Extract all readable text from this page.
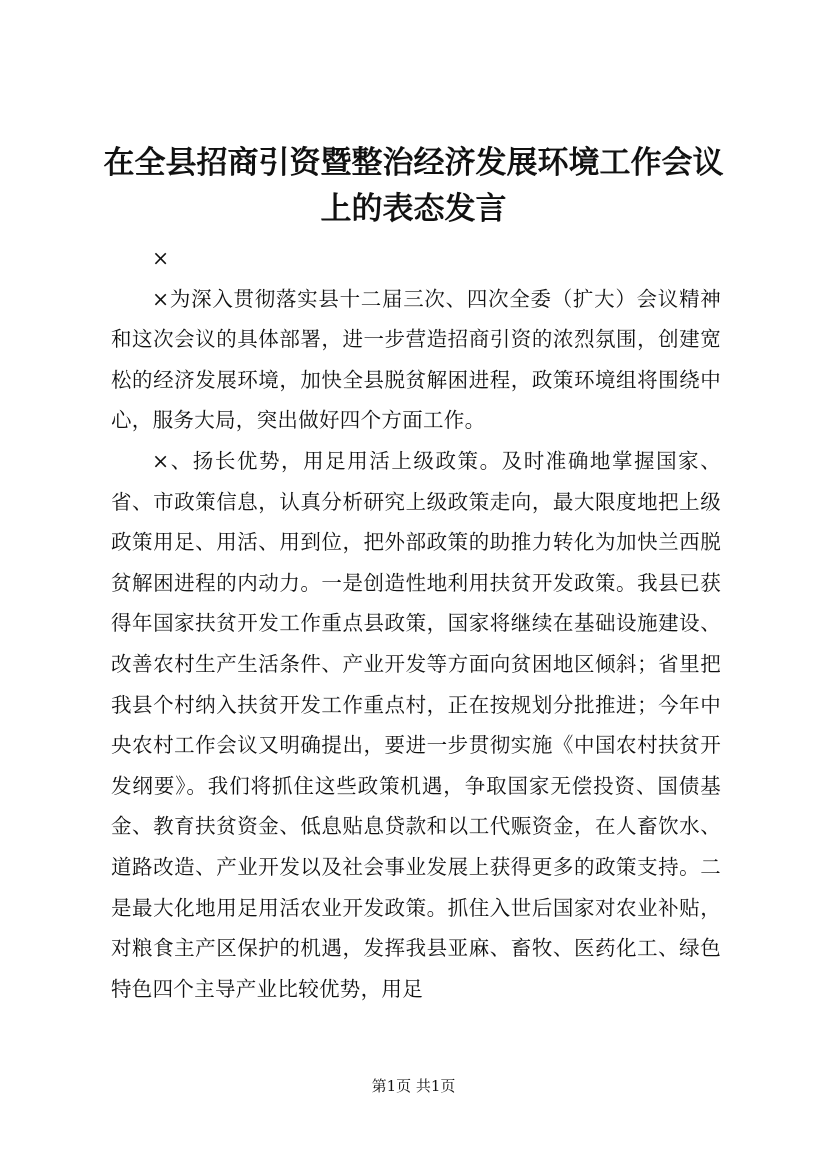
在全县招商引资暨整治经济发展环境工作会议
上的表态发言

×

×为深入贯彻落实县十二届三次、四次全委（扩大）会议精神和这次会议的具体部署，进一步营造招商引资的浓烈氛围，创建宽松的经济发展环境，加快全县脱贫解困进程，政策环境组将围绕中心，服务大局，突出做好四个方面工作。

×、扬长优势，用足用活上级政策。及时准确地掌握国家、省、市政策信息，认真分析研究上级政策走向，最大限度地把上级政策用足、用活、用到位，把外部政策的助推力转化为加快兰西脱贫解困进程的内动力。一是创造性地利用扶贫开发政策。我县已获得年国家扶贫开发工作重点县政策，国家将继续在基础设施建设、改善农村生产生活条件、产业开发等方面向贫困地区倾斜；省里把我县个村纳入扶贫开发工作重点村，正在按规划分批推进；今年中央农村工作会议又明确提出，要进一步贯彻实施《中国农村扶贫开发纲要》。我们将抓住这些政策机遇，争取国家无偿投资、国债基金、教育扶贫资金、低息贴息贷款和以工代赈资金，在人畜饮水、道路改造、产业开发以及社会事业发展上获得更多的政策支持。二是最大化地用足用活农业开发政策。抓住入世后国家对农业补贴，对粮食主产区保护的机遇，发挥我县亚麻、畜牧、医药化工、绿色特色四个主导产业比较优势，用足

第1页 共1页
